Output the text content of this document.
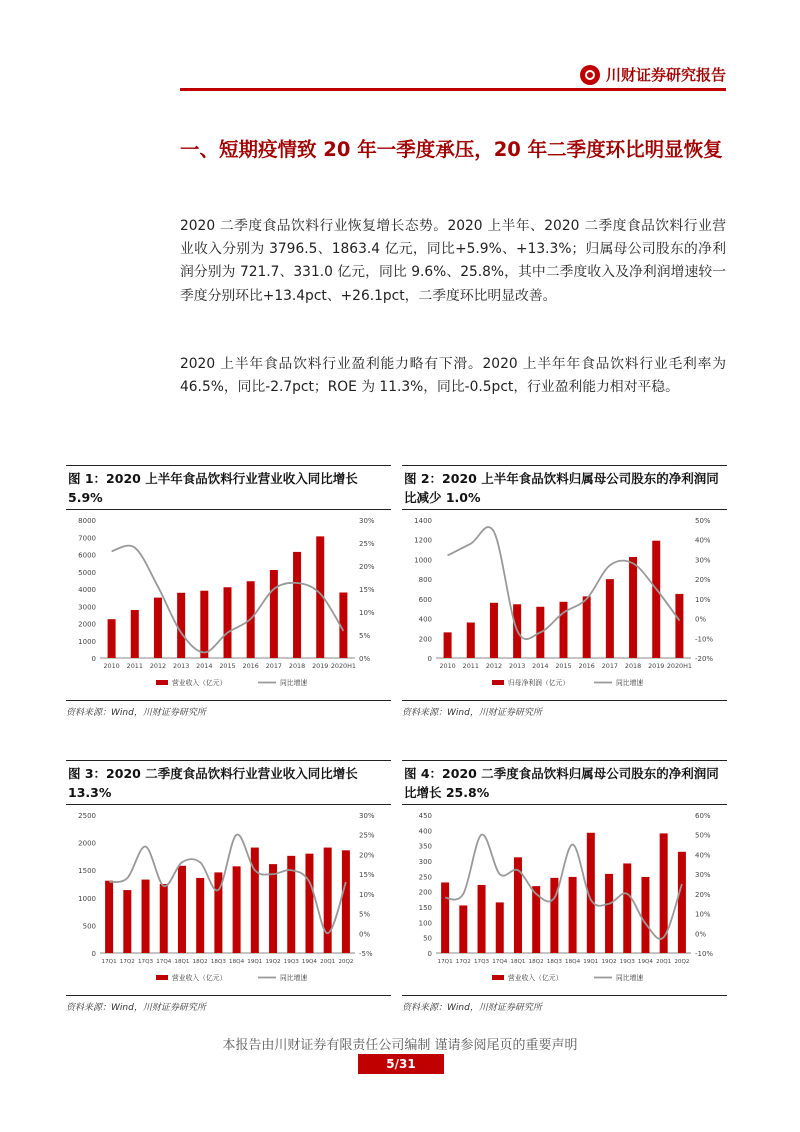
川财证券研究报告
一、短期疫情致 20 年一季度承压，20 年二季度环比明显恢复
2020 二季度食品饮料行业恢复增长态势。2020 上半年、2020 二季度食品饮料行业营业收入分别为 3796.5、1863.4 亿元，同比+5.9%、+13.3%；归属母公司股东的净利润分别为 721.7、331.0 亿元，同比 9.6%、25.8%，其中二季度收入及净利润增速较一季度分别环比+13.4pct、+26.1pct，二季度环比明显改善。
2020 上半年食品饮料行业盈利能力略有下滑。2020 上半年年食品饮料行业毛利率为 46.5%，同比-2.7pct；ROE 为 11.3%，同比-0.5pct，行业盈利能力相对平稳。
图 1：2020 上半年食品饮料行业营业收入同比增长 5.9%
0
1000
2000
3000
4000
5000
6000
7000
8000
0%
5%
10%
15%
20%
25%
30%
2010 2011 2012 2013 2014 2015 2016 2017 2018 2019 2020H1
营业收入（亿元）	同比增速
资料来源：Wind，川财证券研究所
图 2：2020 上半年食品饮料归属母公司股东的净利润同比减少 1.0%
0
200
400
600
800
1000
1200
1400
-20%
-10%
0%
10%
20%
30%
40%
50%
2010 2011 2012 2013 2014 2015 2016 2017 2018 2019 2020H1
归母净利润（亿元）	同比增速
资料来源：Wind，川财证券研究所
图 3：2020 二季度食品饮料行业营业收入同比增长 13.3%
0
500
1000
1500
2000
2500
-5%
0%
5%
10%
15%
20%
25%
30%
17Q1 17Q2 17Q3 17Q4 18Q1 18Q2 18Q3 18Q4 19Q1 19Q2 19Q3 19Q4 20Q1 20Q2
营业收入（亿元）	同比增速
资料来源：Wind，川财证券研究所
图 4：2020 二季度食品饮料归属母公司股东的净利润同比增长 25.8%
0
50
100
150
200
250
300
350
400
450
-10%
0%
10%
20%
30%
40%
50%
60%
17Q1 17Q2 17Q3 17Q4 18Q1 18Q2 18Q3 18Q4 19Q1 19Q2 19Q3 19Q4 20Q1 20Q2
营业收入（亿元）	同比增速
资料来源：Wind，川财证券研究所
本报告由川财证券有限责任公司编制 谨请参阅尾页的重要声明
5/31
